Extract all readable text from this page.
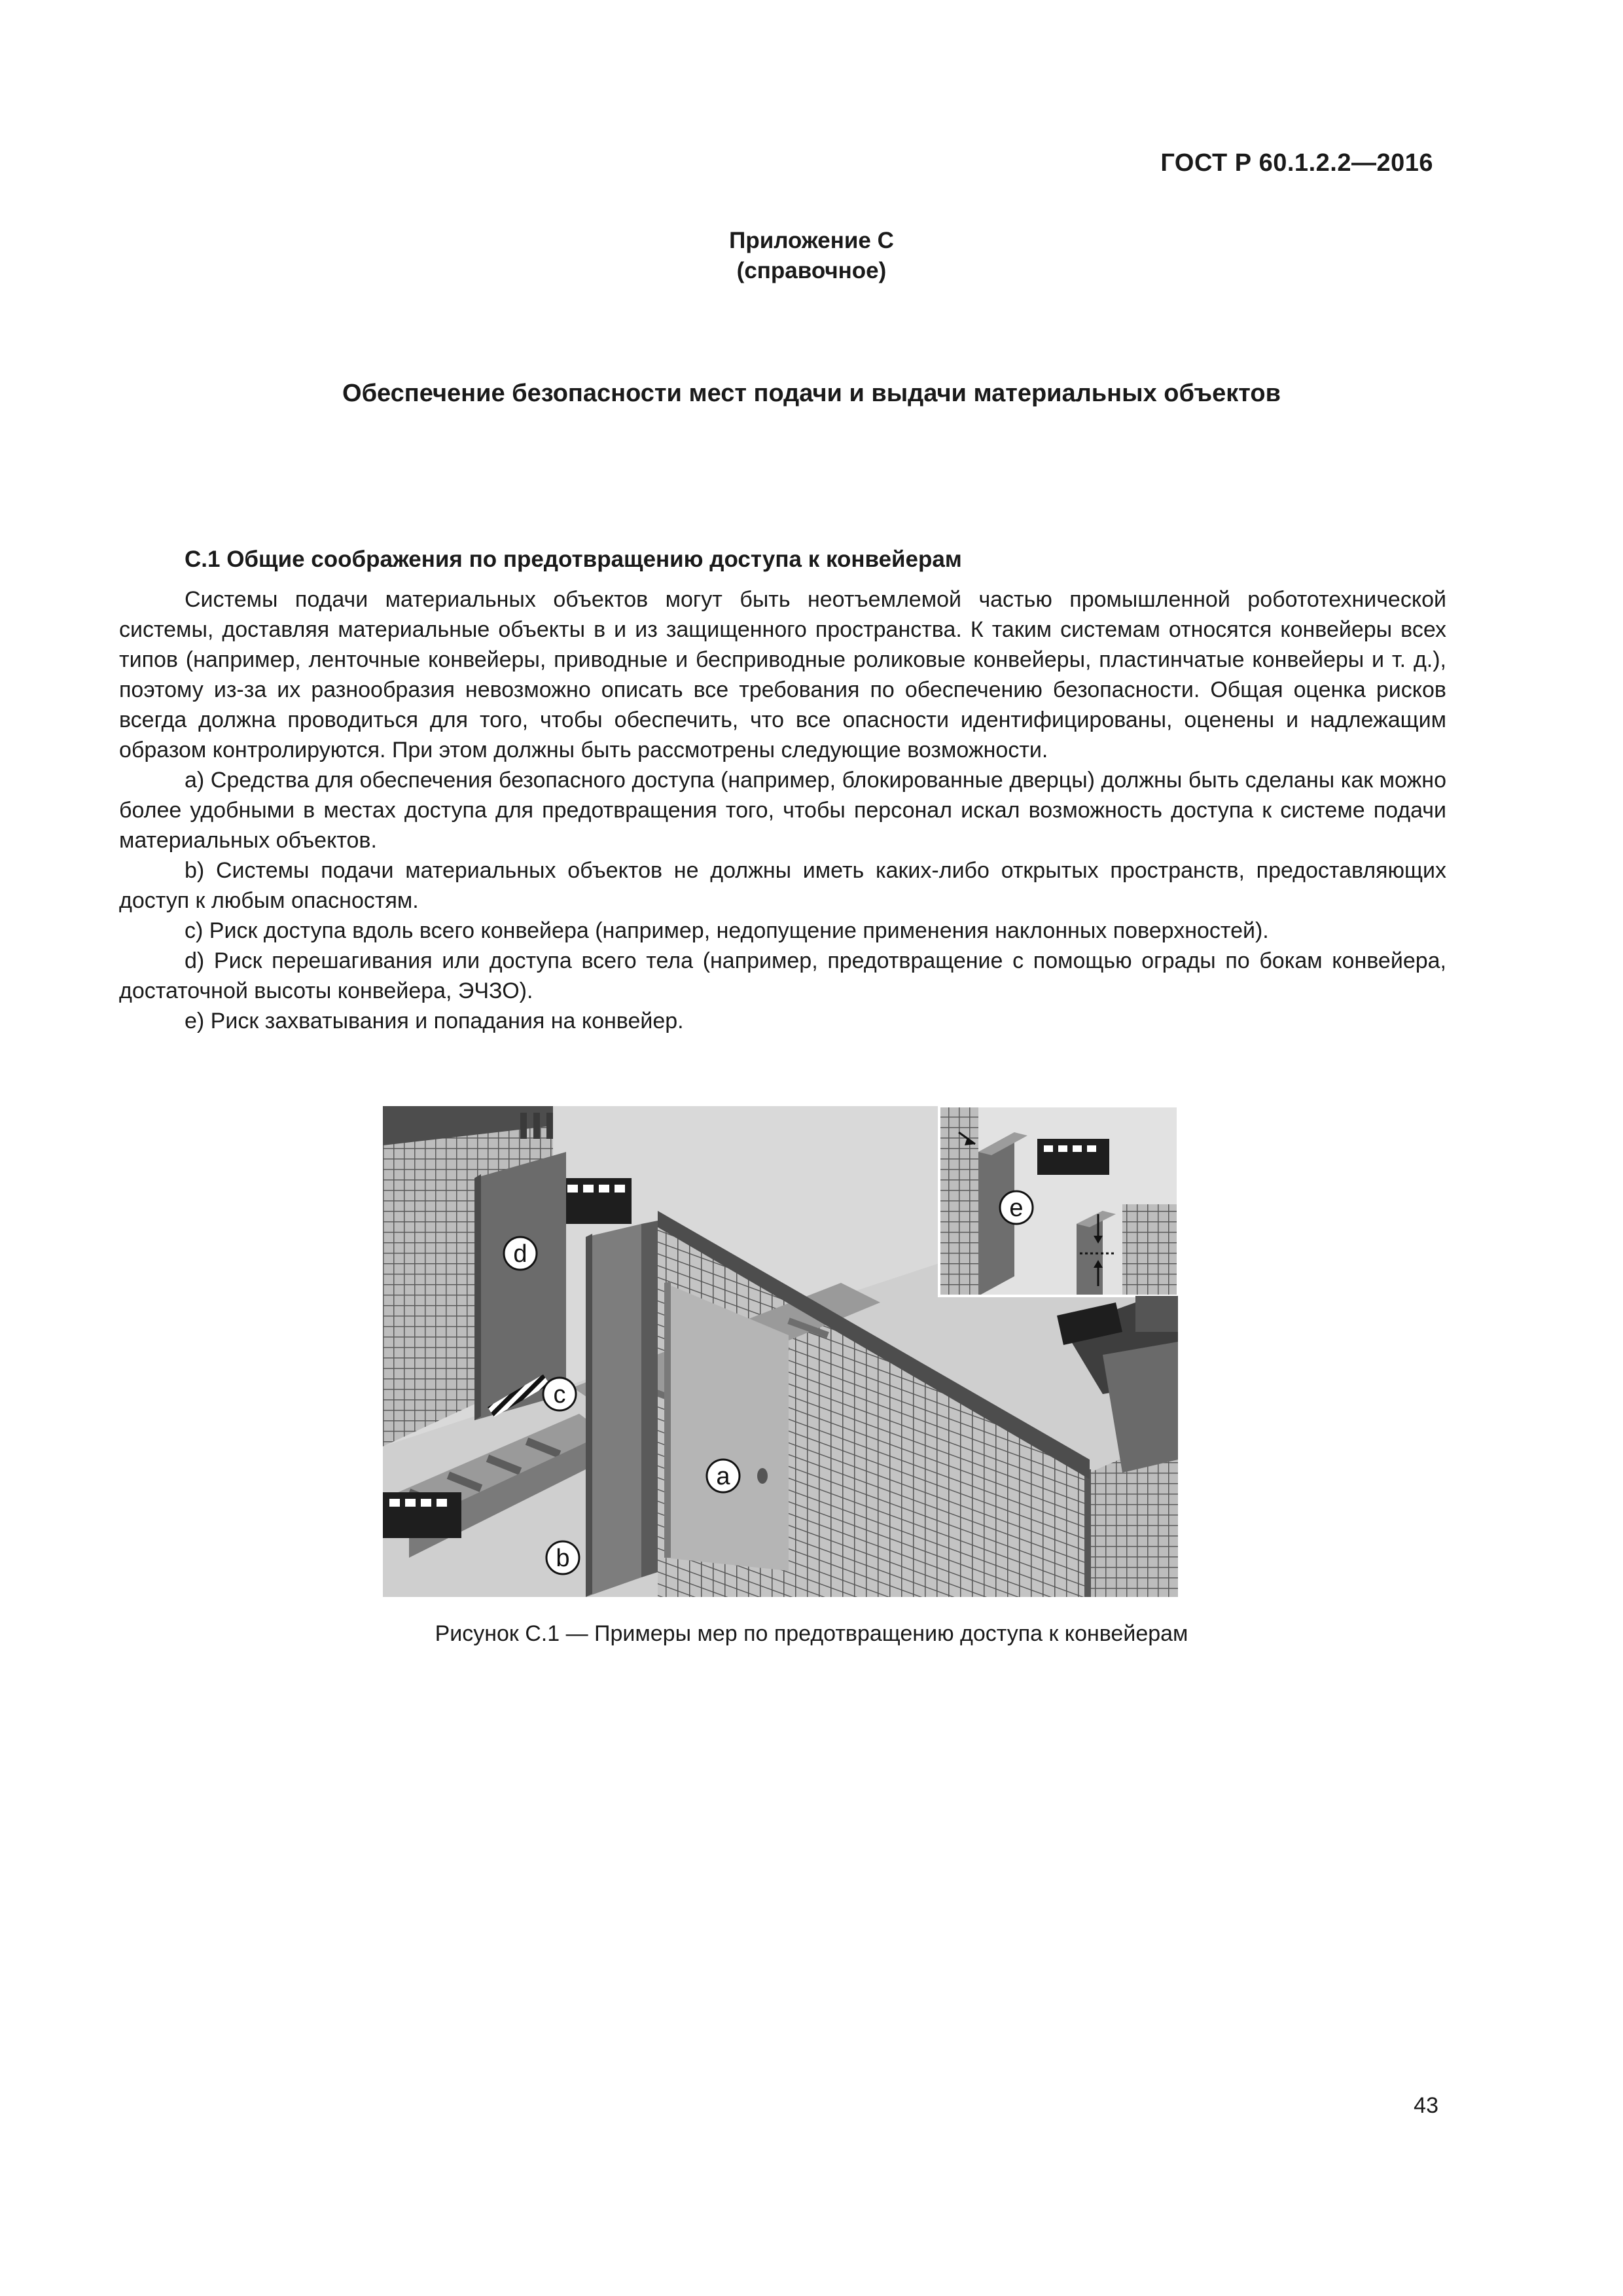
ГОСТ Р 60.1.2.2—2016
Приложение C
(справочное)
Обеспечение безопасности мест подачи и выдачи материальных объектов
C.1 Общие соображения по предотвращению доступа к конвейерам

Системы подачи материальных объектов могут быть неотъемлемой частью промышленной робототехнической системы, доставляя материальные объекты в и из защищенного пространства. К таким системам относятся конвейеры всех типов (например, ленточные конвейеры, приводные и бесприводные роликовые конвейеры, пластинчатые конвейеры и т. д.), поэтому из-за их разнообразия невозможно описать все требования по обеспечению безопасности. Общая оценка рисков всегда должна проводиться для того, чтобы обеспечить, что все опасности идентифицированы, оценены и надлежащим образом контролируются. При этом должны быть рассмотрены следующие возможности.

a) Средства для обеспечения безопасного доступа (например, блокированные дверцы) должны быть сделаны как можно более удобными в местах доступа для предотвращения того, чтобы персонал искал возможность доступа к системе подачи материальных объектов.

b) Системы подачи материальных объектов не должны иметь каких-либо открытых пространств, предоставляющих доступ к любым опасностям.

c) Риск доступа вдоль всего конвейера (например, недопущение применения наклонных поверхностей).

d) Риск перешагивания или доступа всего тела (например, предотвращение с помощью ограды по бокам конвейера, достаточной высоты конвейера, ЭЧЗО).

e) Риск захватывания и попадания на конвейер.

d
c
a
b
e
Рисунок C.1 — Примеры мер по предотвращению доступа к конвейерам
43
